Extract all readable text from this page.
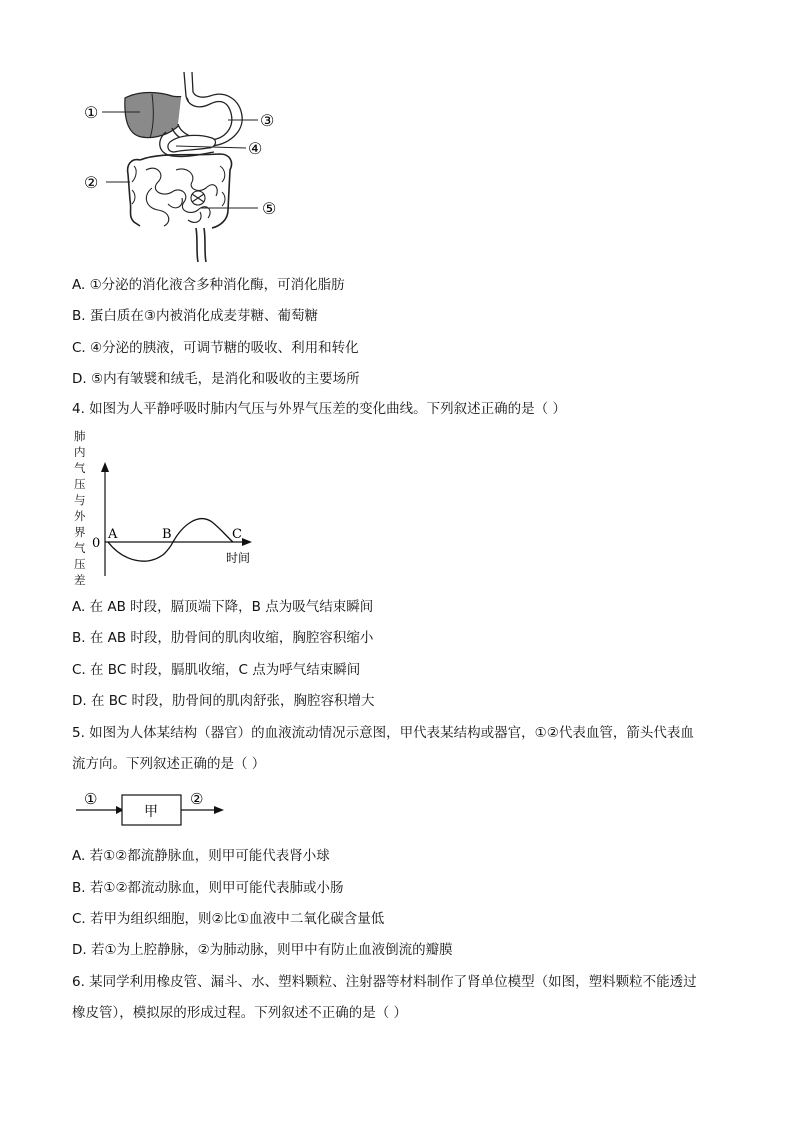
①	③
④
②
⑤
A. ①分泌的消化液含多种消化酶，可消化脂肪
B. 蛋白质在③内被消化成麦芽糖、葡萄糖
C. ④分泌的胰液，可调节糖的吸收、利用和转化
D. ⑤内有皱襞和绒毛，是消化和吸收的主要场所
4. 如图为人平静呼吸时肺内气压与外界气压差的变化曲线。下列叙述正确的是（ ）
肺
内
气
压
与
外
界
气
压
差
0
A	B	C
时间
A. 在 AB 时段，膈顶端下降，B 点为吸气结束瞬间
B. 在 AB 时段，肋骨间的肌肉收缩，胸腔容积缩小
C. 在 BC 时段，膈肌收缩，C 点为呼气结束瞬间
D. 在 BC 时段，肋骨间的肌肉舒张，胸腔容积增大
5. 如图为人体某结构（器官）的血液流动情况示意图，甲代表某结构或器官，①②代表血管，箭头代表血
流方向。下列叙述正确的是（ ）
①
甲
②
A. 若①②都流静脉血，则甲可能代表肾小球
B. 若①②都流动脉血，则甲可能代表肺或小肠
C. 若甲为组织细胞，则②比①血液中二氧化碳含量低
D. 若①为上腔静脉，②为肺动脉，则甲中有防止血液倒流的瓣膜
6. 某同学利用橡皮管、漏斗、水、塑料颗粒、注射器等材料制作了肾单位模型（如图，塑料颗粒不能透过
橡皮管），模拟尿的形成过程。下列叙述不正确的是（ ）
